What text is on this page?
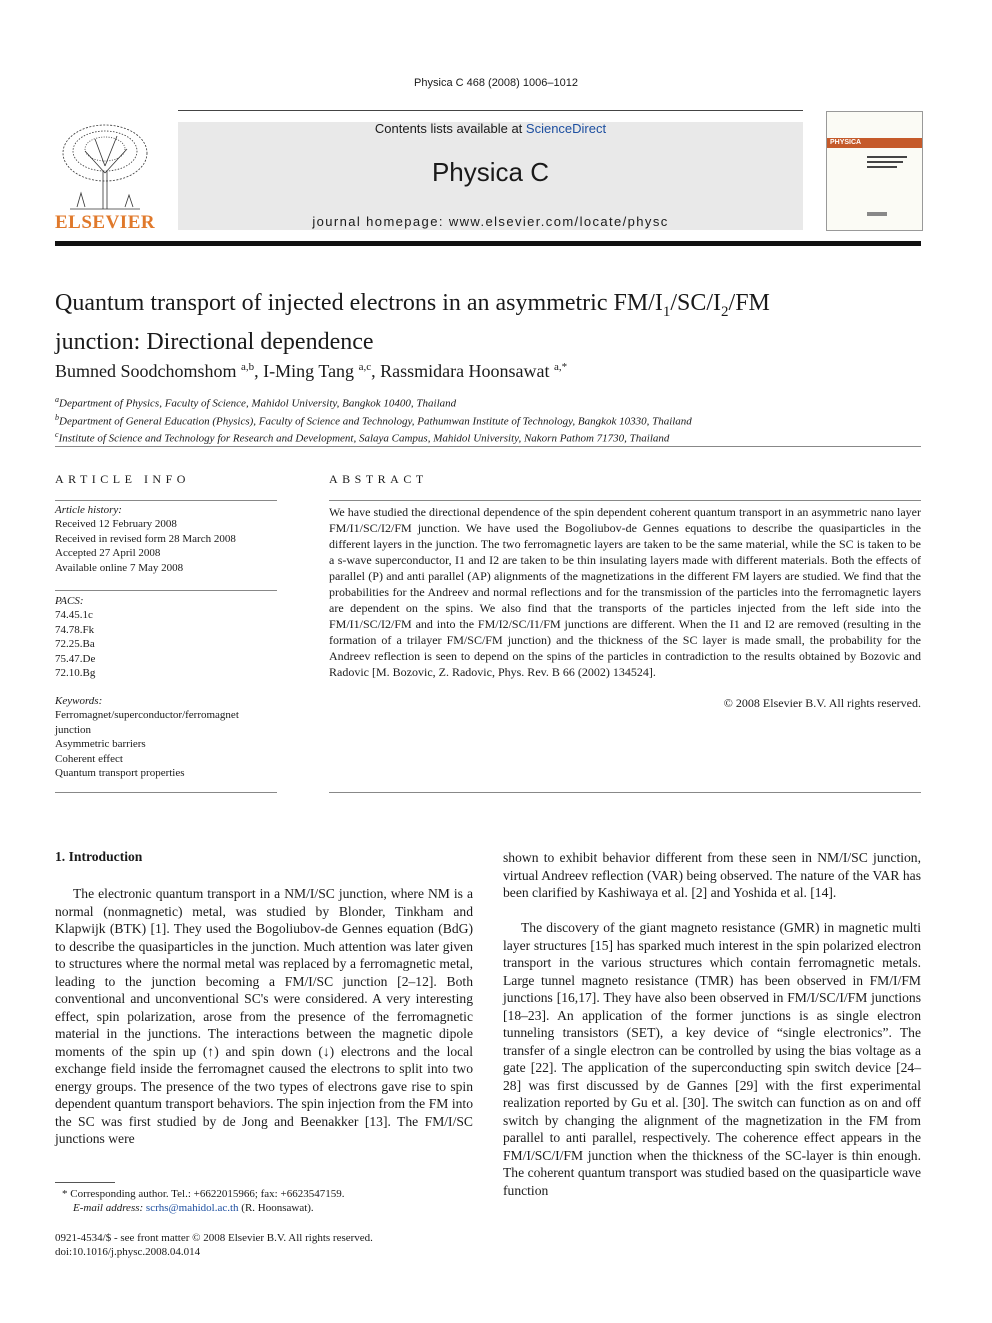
Physica C 468 (2008) 1006–1012
ELSEVIER
Contents lists available at ScienceDirect
Physica C
journal homepage: www.elsevier.com/locate/physc
PHYSICA
Quantum transport of injected electrons in an asymmetric $FM/I_1/SC/I_2/FM$
junction: Directional dependence
Bumned Soodchomshom $^{a,b}$, I-Ming Tang $^{a,c}$, Rassmidara Hoonsawat $^{a,*}$
$^a$Department of Physics, Faculty of Science, Mahidol University, Bangkok 10400, Thailand
$^b$Department of General Education (Physics), Faculty of Science and Technology, Pathumwan Institute of Technology, Bangkok 10330, Thailand
$^c$Institute of Science and Technology for Research and Development, Salaya Campus, Mahidol University, Nakorn Pathom 71730, Thailand
ARTICLE INFO	ABSTRACT
Article history:
Received 12 February 2008
Received in revised form 28 March 2008
Accepted 27 April 2008
Available online 7 May 2008
PACS:
74.45.1c
74.78.Fk
72.25.Ba
75.47.De
72.10.Bg
Keywords:
Ferromagnet/superconductor/ferromagnet
junction
Asymmetric barriers
Coherent effect
Quantum transport properties
We have studied the directional dependence of the spin dependent coherent quantum transport in an asymmetric nano layer FM/I1/SC/I2/FM junction. We have used the Bogoliubov-de Gennes equations to describe the quasiparticles in the different layers in the junction. The two ferromagnetic layers are taken to be the same material, while the SC is taken to be a s-wave superconductor, I1 and I2 are taken to be thin insulating layers made with different materials. Both the effects of parallel (P) and anti parallel (AP) alignments of the magnetizations in the different FM layers are studied. We find that the probabilities for the Andreev and normal reflections and for the transmission of the particles into the ferromagnetic layers are dependent on the spins. We also find that the transports of the particles injected from the left side into the FM/I1/SC/I2/FM and into the FM/I2/SC/I1/FM junctions are different. When the I1 and I2 are removed (resulting in the formation of a trilayer FM/SC/FM junction) and the thickness of the SC layer is made small, the probability for the Andreev reflection is seen to depend on the spins of the particles in contradiction to the results obtained by Bozovic and Radovic [M. Bozovic, Z. Radovic, Phys. Rev. B 66 (2002) 134524].
© 2008 Elsevier B.V. All rights reserved.
1. Introduction
The electronic quantum transport in a NM/I/SC junction, where NM is a normal (nonmagnetic) metal, was studied by Blonder, Tinkham and Klapwijk (BTK) [1]. They used the Bogoliubov-de Gennes equation (BdG) to describe the quasiparticles in the junction. Much attention was later given to structures where the normal metal was replaced by a ferromagnetic metal, leading to the junction becoming a FM/I/SC junction [2–12]. Both conventional and unconventional SC's were considered. A very interesting effect, spin polarization, arose from the presence of the ferromagnetic material in the junctions. The interactions between the magnetic dipole moments of the spin up (↑) and spin down (↓) electrons and the local exchange field inside the ferromagnet caused the electrons to split into two energy groups. The presence of the two types of electrons gave rise to spin dependent quantum transport behaviors. The spin injection from the FM into the SC was first studied by de Jong and Beenakker [13]. The FM/I/SC junctions were
shown to exhibit behavior different from these seen in NM/I/SC junction, virtual Andreev reflection (VAR) being observed. The nature of the VAR has been clarified by Kashiwaya et al. [2] and Yoshida et al. [14].
The discovery of the giant magneto resistance (GMR) in magnetic multi layer structures [15] has sparked much interest in the spin polarized electron transport in the various structures which contain ferromagnetic metals. Large tunnel magneto resistance (TMR) has been observed in FM/I/FM junctions [16,17]. They have also been observed in FM/I/SC/I/FM junctions [18–23]. An application of the former junctions is as single electron tunneling transistors (SET), a key device of “single electronics”. The transfer of a single electron can be controlled by using the bias voltage as a gate [22]. The application of the superconducting spin switch device [24–28] was first discussed by de Gannes [29] with the first experimental realization reported by Gu et al. [30]. The switch can function as on and off switch by changing the alignment of the magnetization in the FM from parallel to anti parallel, respectively. The coherence effect appears in the FM/I/SC/I/FM junction when the thickness of the SC-layer is thin enough. The coherent quantum transport was studied based on the quasiparticle wave function
* Corresponding author. Tel.: +6622015966; fax: +6623547159.
E-mail address: scrhs@mahidol.ac.th (R. Hoonsawat).
0921-4534/$ - see front matter © 2008 Elsevier B.V. All rights reserved.
doi:10.1016/j.physc.2008.04.014
